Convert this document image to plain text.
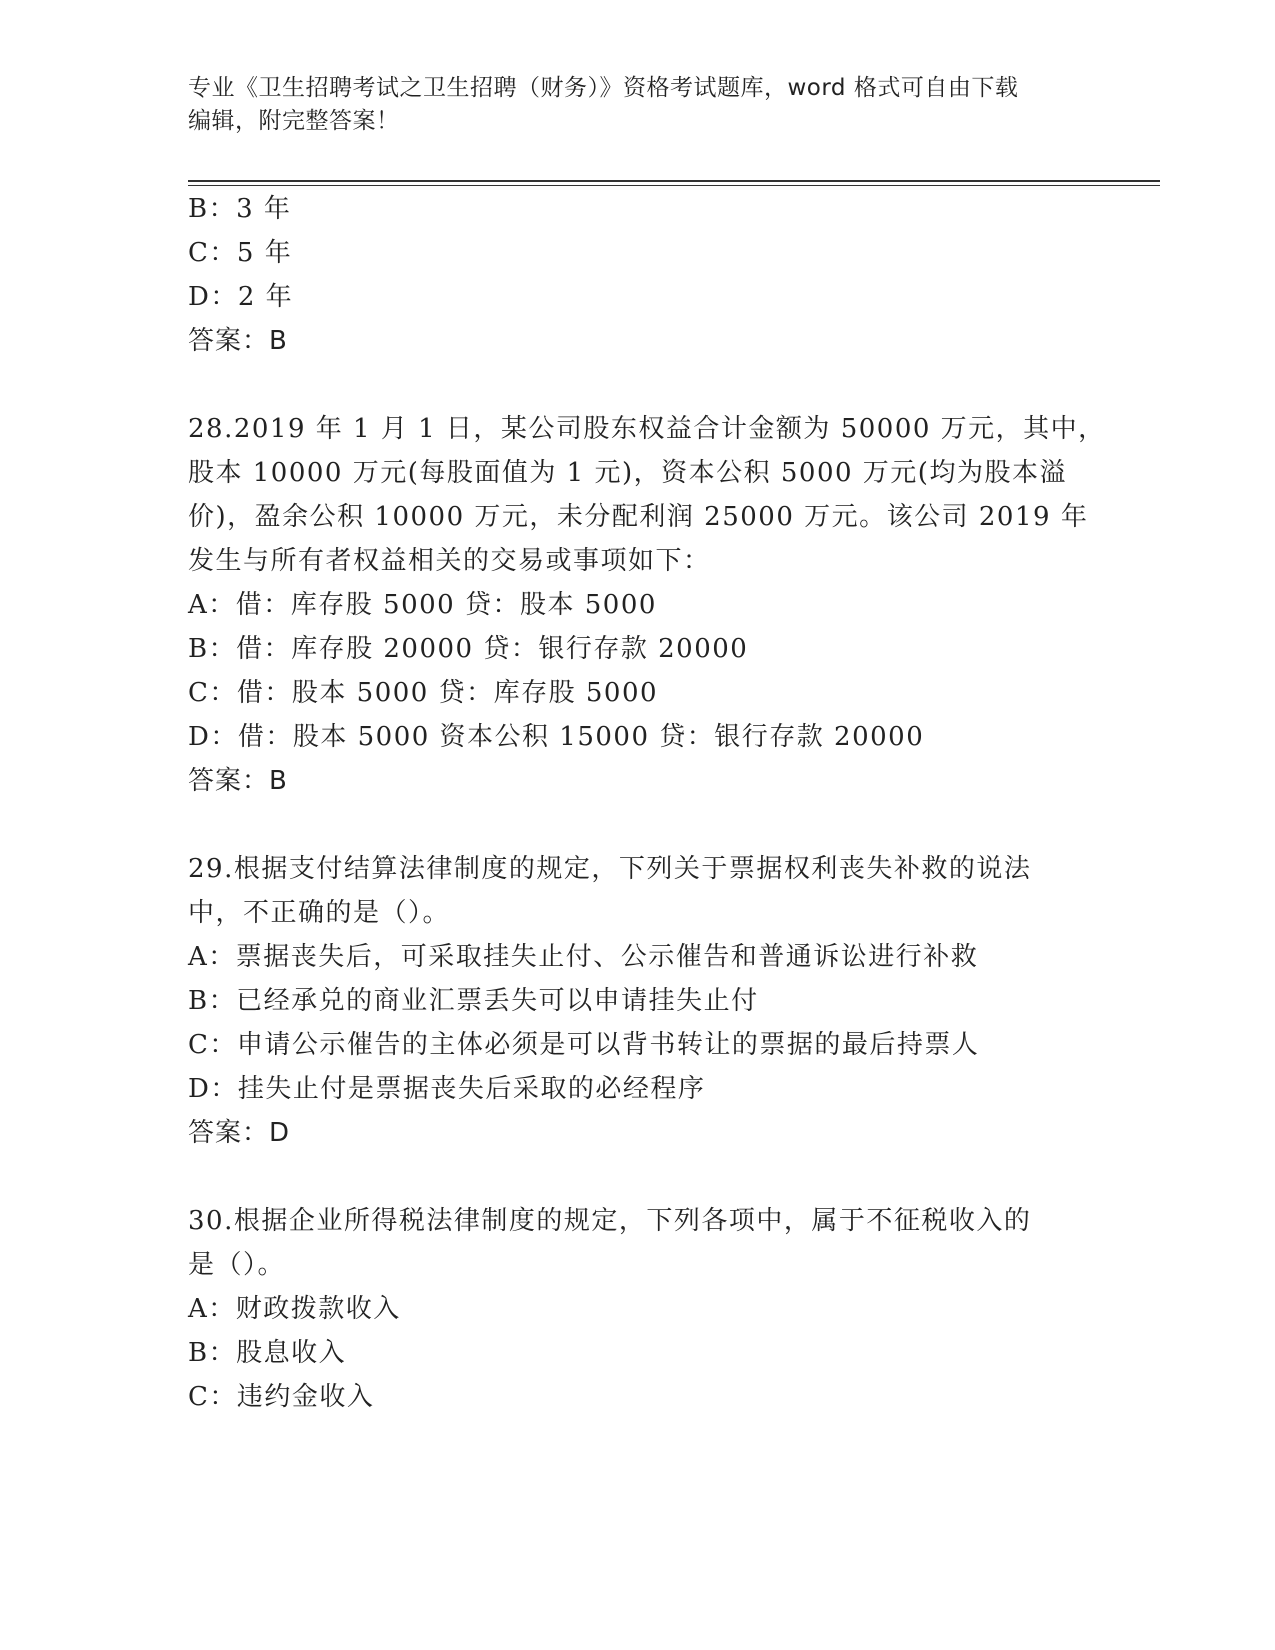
专业《卫生招聘考试之卫生招聘（财务）》资格考试题库，word 格式可自由下载
编辑，附完整答案！
B：3 年
C：5 年
D：2 年
答案：B
28.2019 年 1 月 1 日，某公司股东权益合计金额为 50000 万元，其中，
股本 10000 万元(每股面值为 1 元)，资本公积 5000 万元(均为股本溢
价)，盈余公积 10000 万元，未分配利润 25000 万元。该公司 2019 年
发生与所有者权益相关的交易或事项如下：
A：借：库存股 5000 贷：股本 5000
B：借：库存股 20000 贷：银行存款 20000
C：借：股本 5000 贷：库存股 5000
D：借：股本 5000 资本公积 15000 贷：银行存款 20000
答案：B
29.根据支付结算法律制度的规定，下列关于票据权利丧失补救的说法
中，不正确的是（）。
A：票据丧失后，可采取挂失止付、公示催告和普通诉讼进行补救
B：已经承兑的商业汇票丢失可以申请挂失止付
C：申请公示催告的主体必须是可以背书转让的票据的最后持票人
D：挂失止付是票据丧失后采取的必经程序
答案：D
30.根据企业所得税法律制度的规定，下列各项中，属于不征税收入的
是（）。
A：财政拨款收入
B：股息收入
C：违约金收入
